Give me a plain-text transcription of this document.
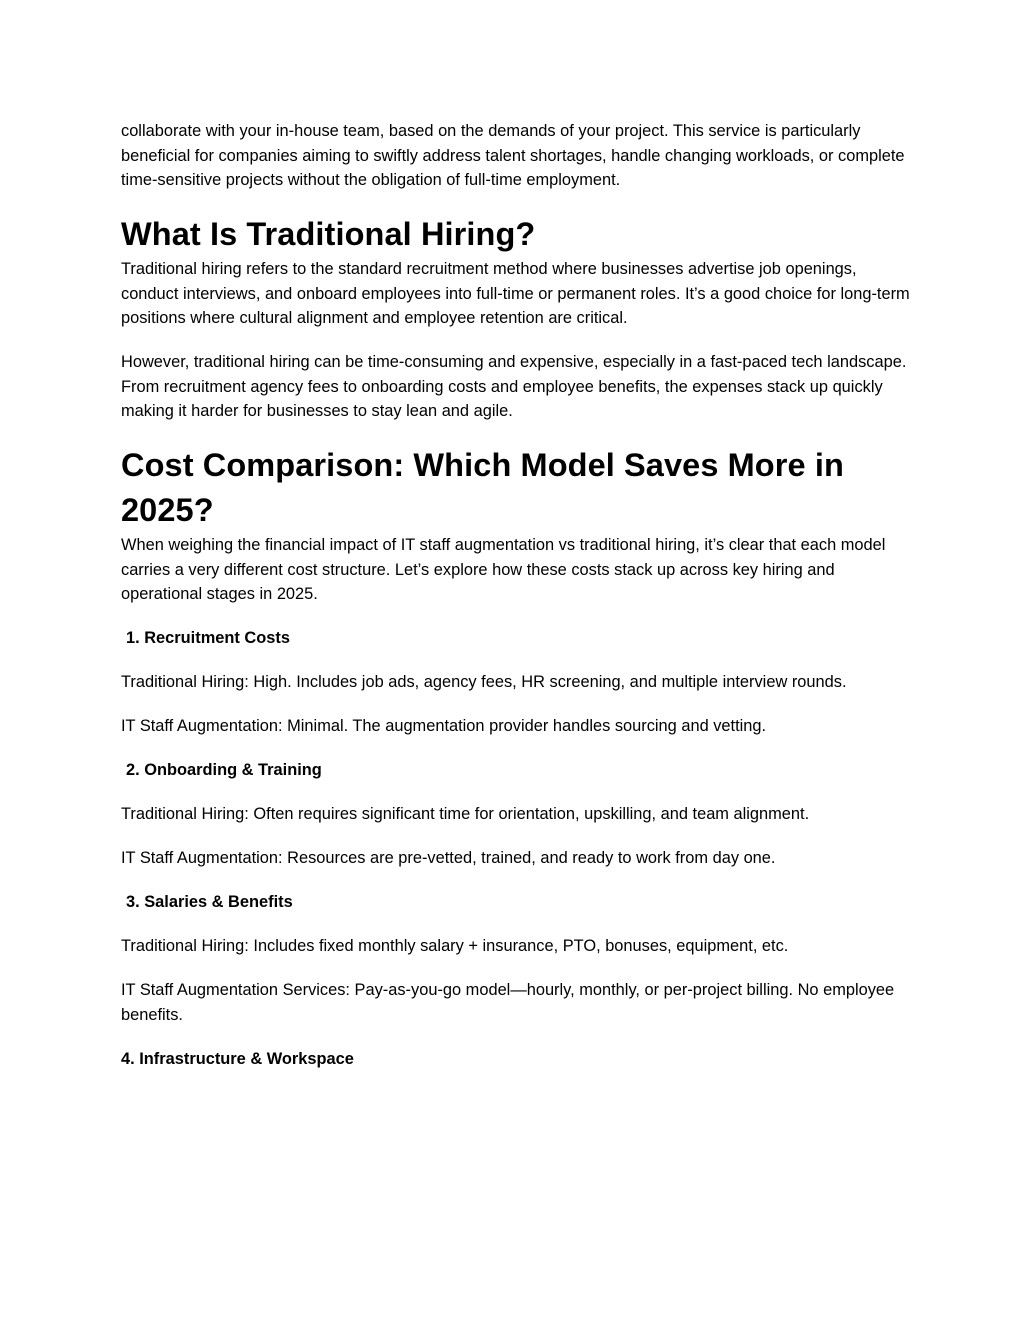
collaborate with your in-house team, based on the demands of your project. This service is particularly beneficial for companies aiming to swiftly address talent shortages, handle changing workloads, or complete time-sensitive projects without the obligation of full-time employment.

What Is Traditional Hiring?

Traditional hiring refers to the standard recruitment method where businesses advertise job openings, conduct interviews, and onboard employees into full-time or permanent roles. It’s a good choice for long-term positions where cultural alignment and employee retention are critical.

However, traditional hiring can be time-consuming and expensive, especially in a fast-paced tech landscape. From recruitment agency fees to onboarding costs and employee benefits, the expenses stack up quickly making it harder for businesses to stay lean and agile.

Cost Comparison: Which Model Saves More in 2025?

When weighing the financial impact of IT staff augmentation vs traditional hiring, it’s clear that each model carries a very different cost structure. Let’s explore how these costs stack up across key hiring and operational stages in 2025.

1. Recruitment Costs

Traditional Hiring: High. Includes job ads, agency fees, HR screening, and multiple interview rounds.

IT Staff Augmentation: Minimal. The augmentation provider handles sourcing and vetting.

2. Onboarding & Training

Traditional Hiring: Often requires significant time for orientation, upskilling, and team alignment.

IT Staff Augmentation: Resources are pre-vetted, trained, and ready to work from day one.

3. Salaries & Benefits

Traditional Hiring: Includes fixed monthly salary + insurance, PTO, bonuses, equipment, etc.

IT Staff Augmentation Services: Pay-as-you-go model—hourly, monthly, or per-project billing. No employee benefits.

4. Infrastructure & Workspace
